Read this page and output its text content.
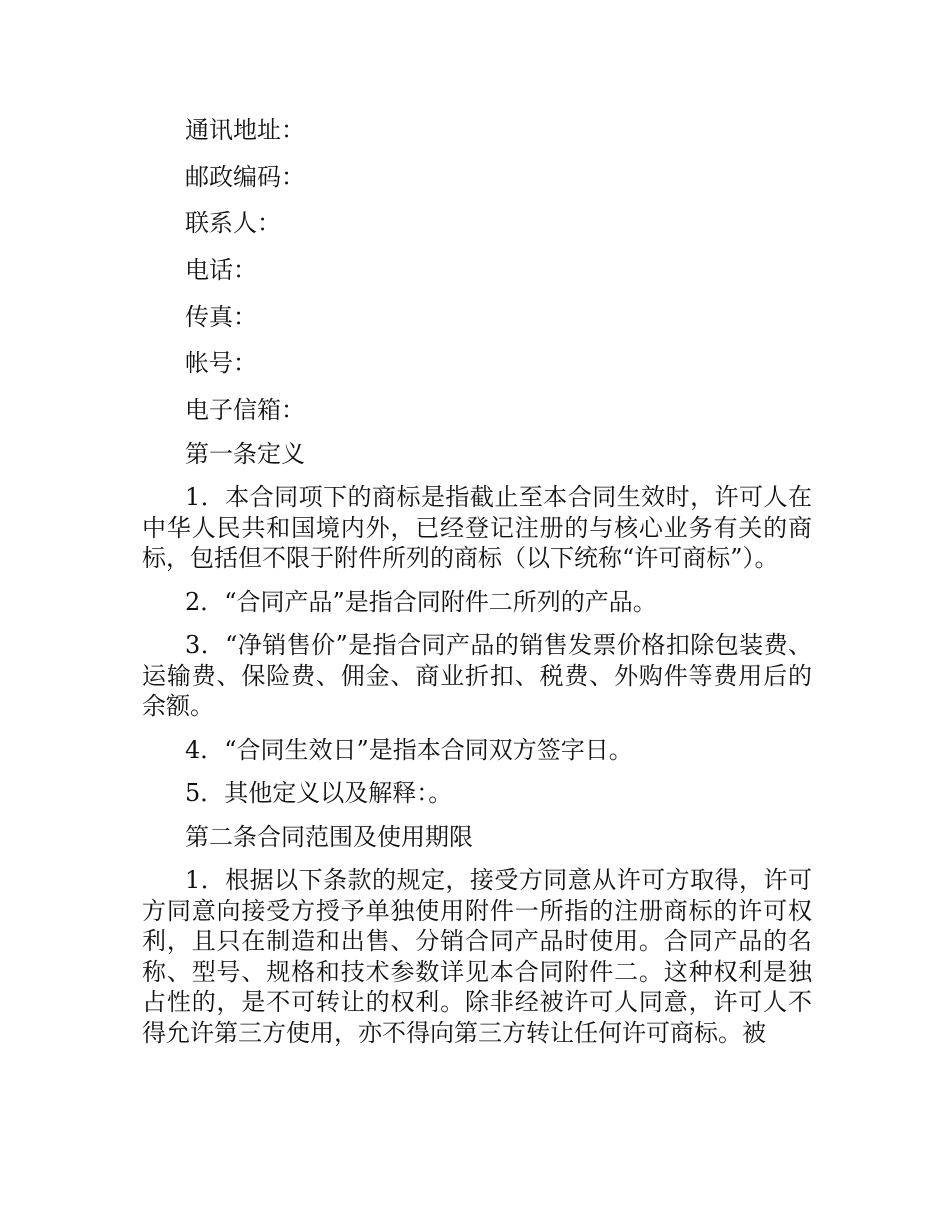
通讯地址：
邮政编码：
联系人：
电话：
传真：
帐号：
电子信箱：
第一条定义

1．本合同项下的商标是指截止至本合同生效时，许可人在中华人民共和国境内外，已经登记注册的与核心业务有关的商标，包括但不限于附件所列的商标（以下统称“许可商标”）。

2．“合同产品”是指合同附件二所列的产品。

3．“净销售价”是指合同产品的销售发票价格扣除包装费、运输费、保险费、佣金、商业折扣、税费、外购件等费用后的余额。

4．“合同生效日”是指本合同双方签字日。

5．其他定义以及解释：。

第二条合同范围及使用期限

1．根据以下条款的规定，接受方同意从许可方取得，许可方同意向接受方授予单独使用附件一所指的注册商标的许可权利，且只在制造和出售、分销合同产品时使用。合同产品的名称、型号、规格和技术参数详见本合同附件二。这种权利是独占性的，是不可转让的权利。除非经被许可人同意，许可人不得允许第三方使用，亦不得向第三方转让任何许可商标。被
